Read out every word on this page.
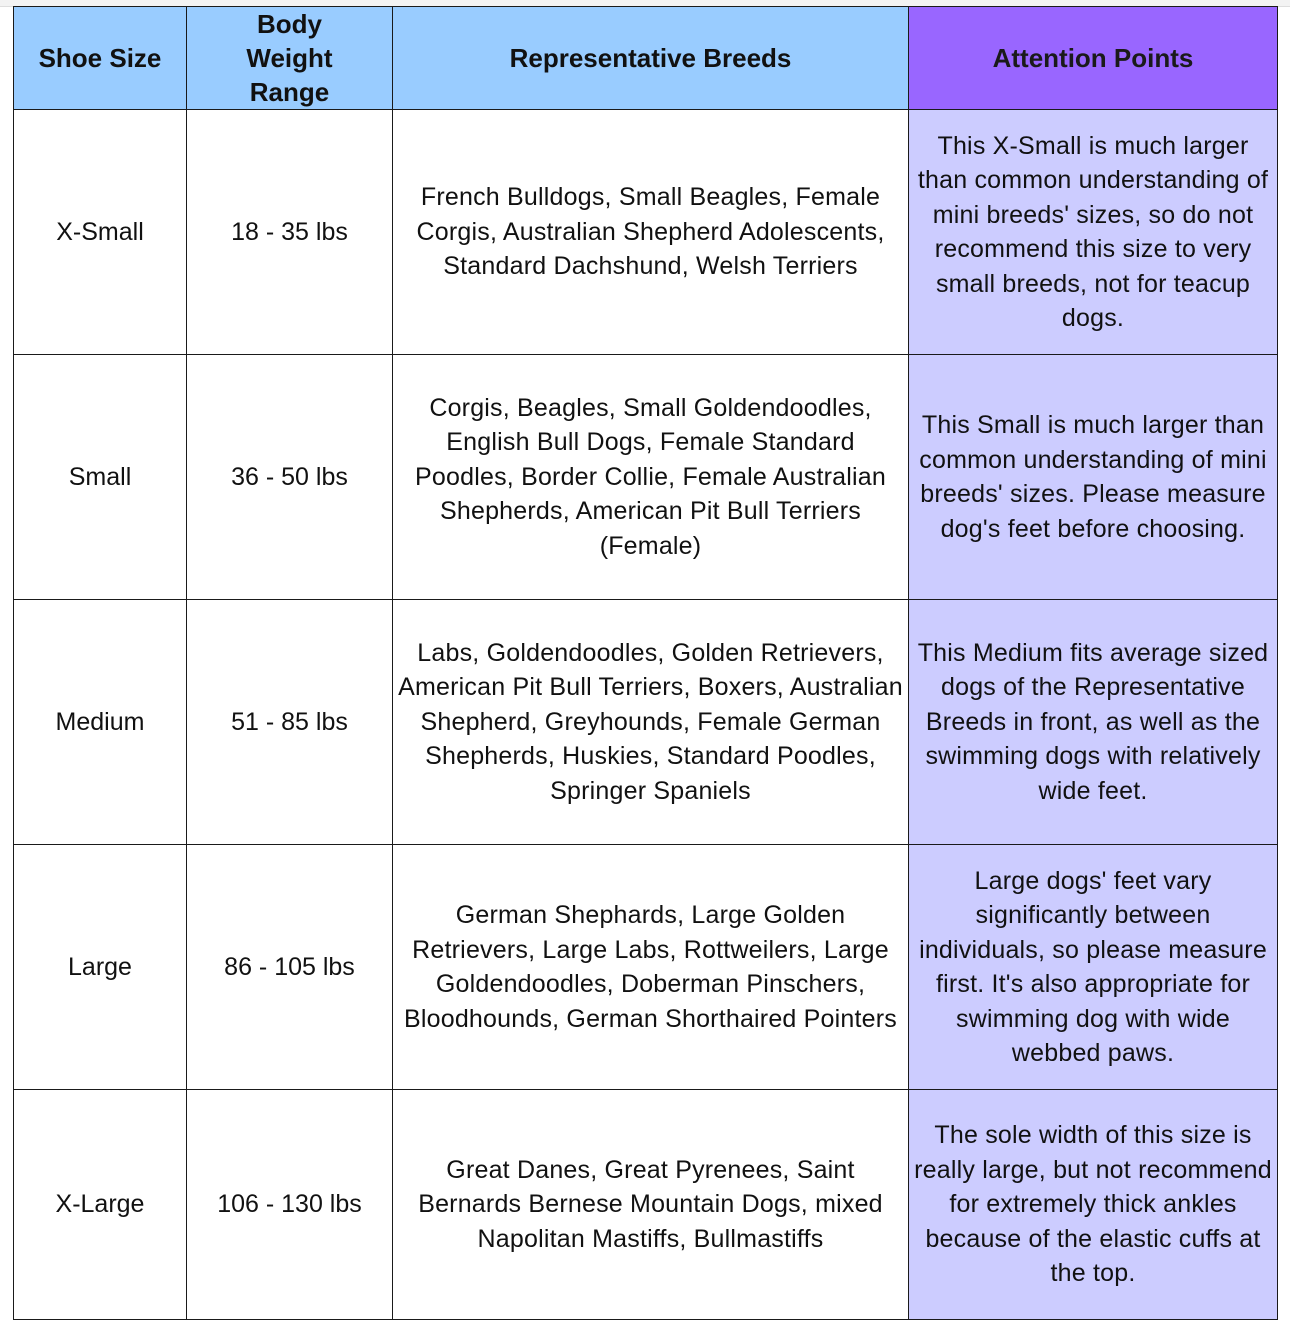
Shoe Size	Body Weight Range	Representative Breeds	Attention Points
X-Small	18 - 35 lbs	French Bulldogs, Small Beagles, Female Corgis, Australian Shepherd Adolescents, Standard Dachshund, Welsh Terriers	This X-Small is much larger than common understanding of mini breeds' sizes, so do not recommend this size to very small breeds, not for teacup dogs.
Small	36 - 50 lbs	Corgis, Beagles, Small Goldendoodles, English Bull Dogs, Female Standard Poodles, Border Collie, Female Australian Shepherds, American Pit Bull Terriers (Female)	This Small is much larger than common understanding of mini breeds' sizes. Please measure dog's feet before choosing.
Medium	51 - 85 lbs	Labs, Goldendoodles, Golden Retrievers, American Pit Bull Terriers, Boxers, Australian Shepherd, Greyhounds, Female German Shepherds, Huskies, Standard Poodles, Springer Spaniels	This Medium fits average sized dogs of the Representative Breeds in front, as well as the swimming dogs with relatively wide feet.
Large	86 - 105 lbs	German Shephards, Large Golden Retrievers, Large Labs, Rottweilers, Large Goldendoodles, Doberman Pinschers, Bloodhounds, German Shorthaired Pointers	Large dogs' feet vary significantly between individuals, so please measure first. It's also appropriate for swimming dog with wide webbed paws.
X-Large	106 - 130 lbs	Great Danes, Great Pyrenees, Saint Bernards Bernese Mountain Dogs, mixed Napolitan Mastiffs, Bullmastiffs	The sole width of this size is really large, but not recommend for extremely thick ankles because of the elastic cuffs at the top.
